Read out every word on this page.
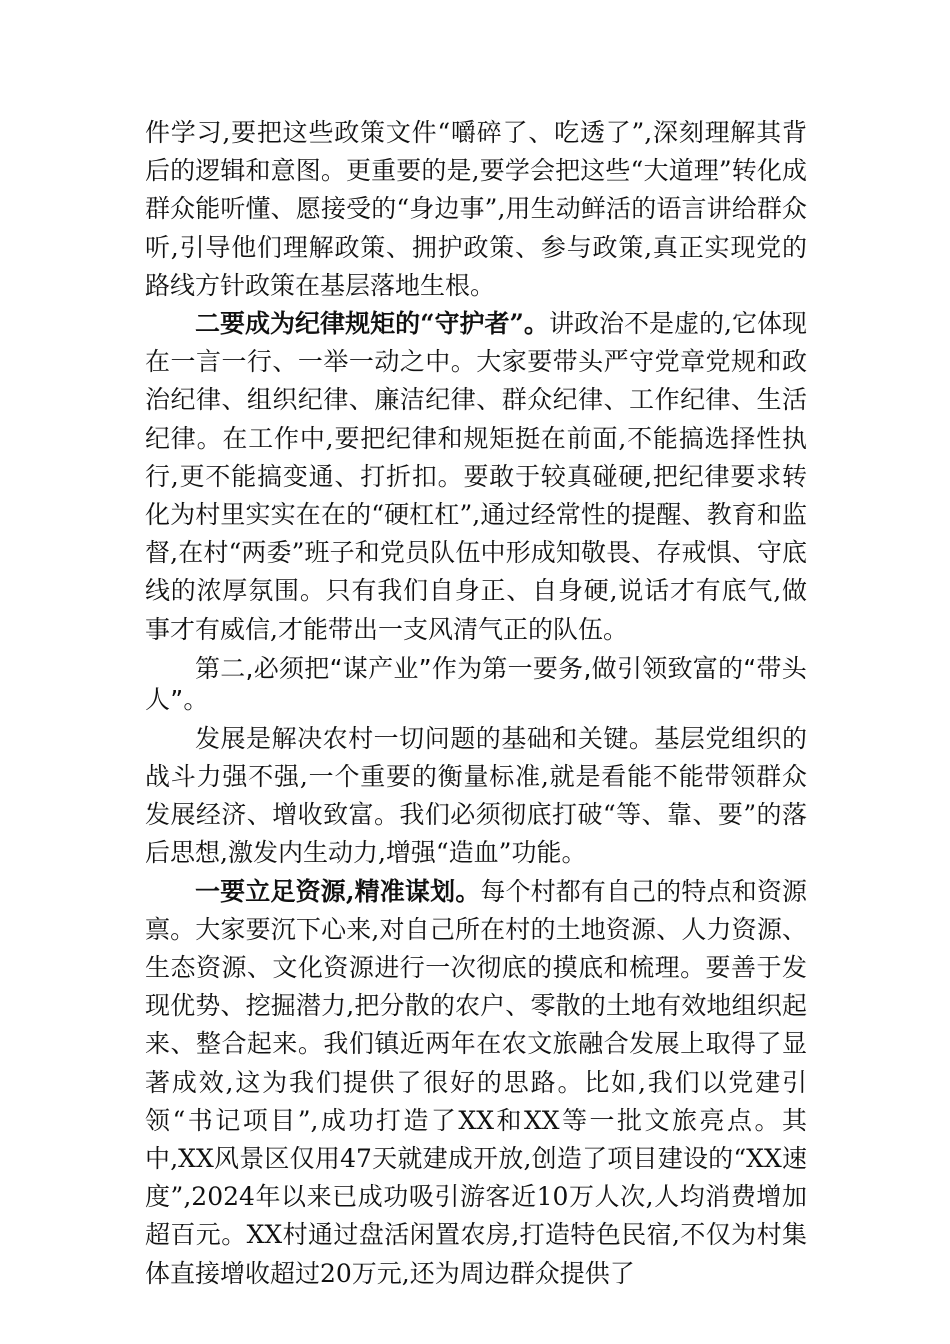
件学习,要把这些政策文件“嚼碎了、吃透了”,深刻理解其背后的逻辑和意图。更重要的是,要学会把这些“大道理”转化成群众能听懂、愿接受的“身边事”,用生动鲜活的语言讲给群众听,引导他们理解政策、拥护政策、参与政策,真正实现党的路线方针政策在基层落地生根。

二要成为纪律规矩的“守护者”。讲政治不是虚的,它体现在一言一行、一举一动之中。大家要带头严守党章党规和政治纪律、组织纪律、廉洁纪律、群众纪律、工作纪律、生活纪律。在工作中,要把纪律和规矩挺在前面,不能搞选择性执行,更不能搞变通、打折扣。要敢于较真碰硬,把纪律要求转化为村里实实在在的“硬杠杠”,通过经常性的提醒、教育和监督,在村“两委”班子和党员队伍中形成知敬畏、存戒惧、守底线的浓厚氛围。只有我们自身正、自身硬,说话才有底气,做事才有威信,才能带出一支风清气正的队伍。

第二,必须把“谋产业”作为第一要务,做引领致富的“带头人”。

发展是解决农村一切问题的基础和关键。基层党组织的战斗力强不强,一个重要的衡量标准,就是看能不能带领群众发展经济、增收致富。我们必须彻底打破“等、靠、要”的落后思想,激发内生动力,增强“造血”功能。

一要立足资源,精准谋划。每个村都有自己的特点和资源禀。大家要沉下心来,对自己所在村的土地资源、人力资源、生态资源、文化资源进行一次彻底的摸底和梳理。要善于发现优势、挖掘潜力,把分散的农户、零散的土地有效地组织起来、整合起来。我们镇近两年在农文旅融合发展上取得了显著成效,这为我们提供了很好的思路。比如,我们以党建引领“书记项目”,成功打造了XX和XX等一批文旅亮点。其中,XX风景区仅用47天就建成开放,创造了项目建设的“XX速度”,2024年以来已成功吸引游客近10万人次,人均消费增加超百元。XX村通过盘活闲置农房,打造特色民宿,不仅为村集体直接增收超过20万元,还为周边群众提供了
